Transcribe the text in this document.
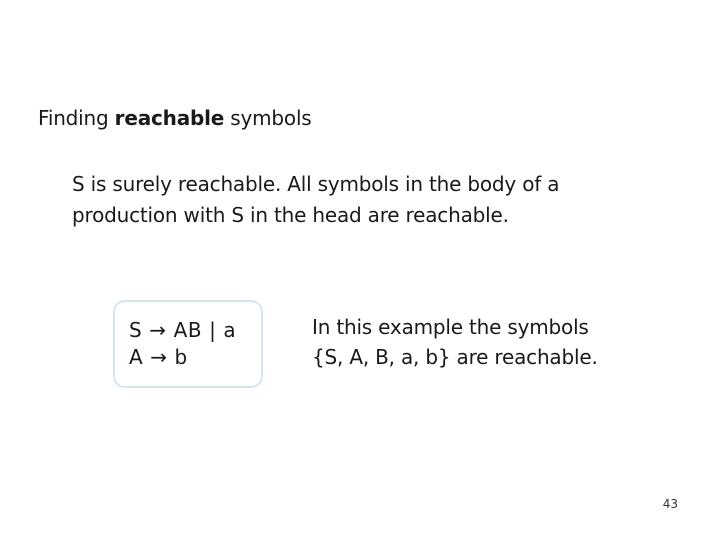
Finding reachable symbols
S is surely reachable. All symbols in the body of a
production with S in the head are reachable.
S → AB | a
A → b
In this example the symbols
{S, A, B, a, b} are reachable.
43
